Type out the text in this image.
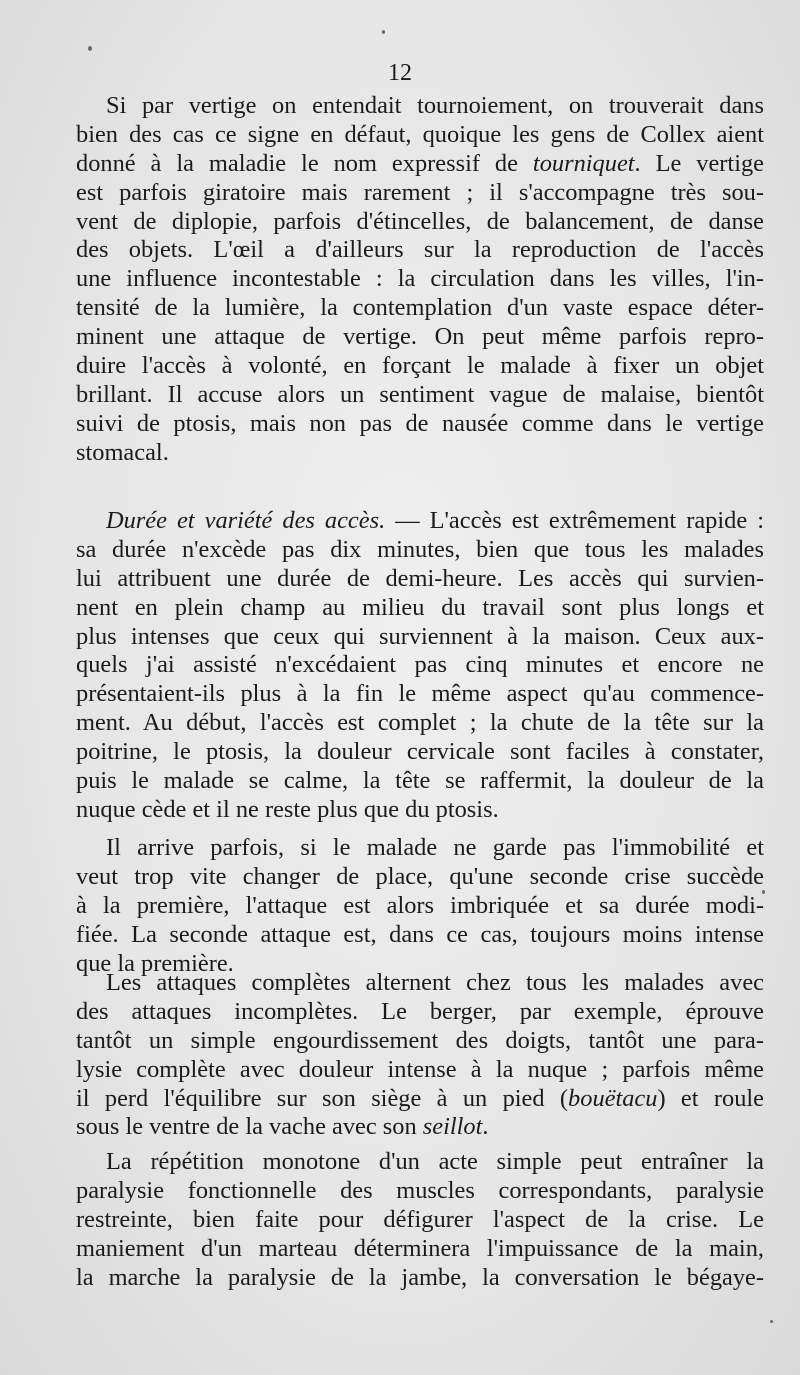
12
Si par vertige on entendait tournoiement, on trouverait dans
bien des cas ce signe en défaut, quoique les gens de Collex aient
donné à la maladie le nom expressif de tourniquet. Le vertige
est parfois giratoire mais rarement ; il s'accompagne très sou-
vent de diplopie, parfois d'étincelles, de balancement, de danse
des objets. L'œil a d'ailleurs sur la reproduction de l'accès
une influence incontestable : la circulation dans les villes, l'in-
tensité de la lumière, la contemplation d'un vaste espace déter-
minent une attaque de vertige. On peut même parfois repro-
duire l'accès à volonté, en forçant le malade à fixer un objet
brillant. Il accuse alors un sentiment vague de malaise, bientôt
suivi de ptosis, mais non pas de nausée comme dans le vertige
stomacal.
Durée et variété des accès. — L'accès est extrêmement rapide :
sa durée n'excède pas dix minutes, bien que tous les malades
lui attribuent une durée de demi-heure. Les accès qui survien-
nent en plein champ au milieu du travail sont plus longs et
plus intenses que ceux qui surviennent à la maison. Ceux aux-
quels j'ai assisté n'excédaient pas cinq minutes et encore ne
présentaient-ils plus à la fin le même aspect qu'au commence-
ment. Au début, l'accès est complet ; la chute de la tête sur la
poitrine, le ptosis, la douleur cervicale sont faciles à constater,
puis le malade se calme, la tête se raffermit, la douleur de la
nuque cède et il ne reste plus que du ptosis.
Il arrive parfois, si le malade ne garde pas l'immobilité et
veut trop vite changer de place, qu'une seconde crise succède
à la première, l'attaque est alors imbriquée et sa durée modi-
fiée. La seconde attaque est, dans ce cas, toujours moins intense
que la première.
Les attaques complètes alternent chez tous les malades avec
des attaques incomplètes. Le berger, par exemple, éprouve
tantôt un simple engourdissement des doigts, tantôt une para-
lysie complète avec douleur intense à la nuque ; parfois même
il perd l'équilibre sur son siège à un pied (bouëtacu) et roule
sous le ventre de la vache avec son seillot.
La répétition monotone d'un acte simple peut entraîner la
paralysie fonctionnelle des muscles correspondants, paralysie
restreinte, bien faite pour défigurer l'aspect de la crise. Le
maniement d'un marteau déterminera l'impuissance de la main,
la marche la paralysie de la jambe, la conversation le bégaye-
